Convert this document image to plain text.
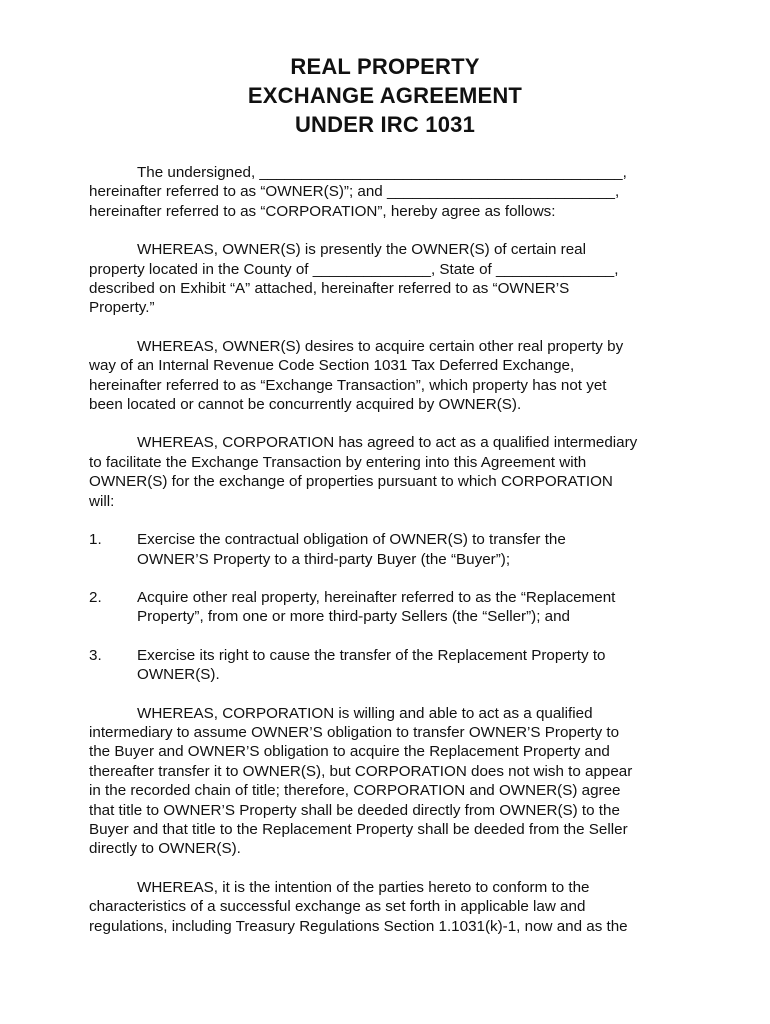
REAL PROPERTY
EXCHANGE AGREEMENT
UNDER IRC 1031
The undersigned, ___________________________________________,
hereinafter referred to as “OWNER(S)”; and ___________________________,
hereinafter referred to as “CORPORATION”, hereby agree as follows:
WHEREAS, OWNER(S) is presently the OWNER(S) of certain real
property located in the County of ______________, State of ______________,
described on Exhibit “A” attached, hereinafter referred to as “OWNER’S
Property.”
WHEREAS, OWNER(S) desires to acquire certain other real property by
way of an Internal Revenue Code Section 1031 Tax Deferred Exchange,
hereinafter referred to as “Exchange Transaction”, which property has not yet
been located or cannot be concurrently acquired by OWNER(S).
WHEREAS, CORPORATION has agreed to act as a qualified intermediary
to facilitate the Exchange Transaction by entering into this Agreement with
OWNER(S) for the exchange of properties pursuant to which CORPORATION
will:
1. Exercise the contractual obligation of OWNER(S) to transfer the
OWNER’S Property to a third-party Buyer (the “Buyer”);
2. Acquire other real property, hereinafter referred to as the “Replacement
Property”, from one or more third-party Sellers (the “Seller”); and
3. Exercise its right to cause the transfer of the Replacement Property to
OWNER(S).
WHEREAS, CORPORATION is willing and able to act as a qualified
intermediary to assume OWNER’S obligation to transfer OWNER’S Property to
the Buyer and OWNER’S obligation to acquire the Replacement Property and
thereafter transfer it to OWNER(S), but CORPORATION does not wish to appear
in the recorded chain of title; therefore, CORPORATION and OWNER(S) agree
that title to OWNER’S Property shall be deeded directly from OWNER(S) to the
Buyer and that title to the Replacement Property shall be deeded from the Seller
directly to OWNER(S).
WHEREAS, it is the intention of the parties hereto to conform to the
characteristics of a successful exchange as set forth in applicable law and
regulations, including Treasury Regulations Section 1.1031(k)-1, now and as the
